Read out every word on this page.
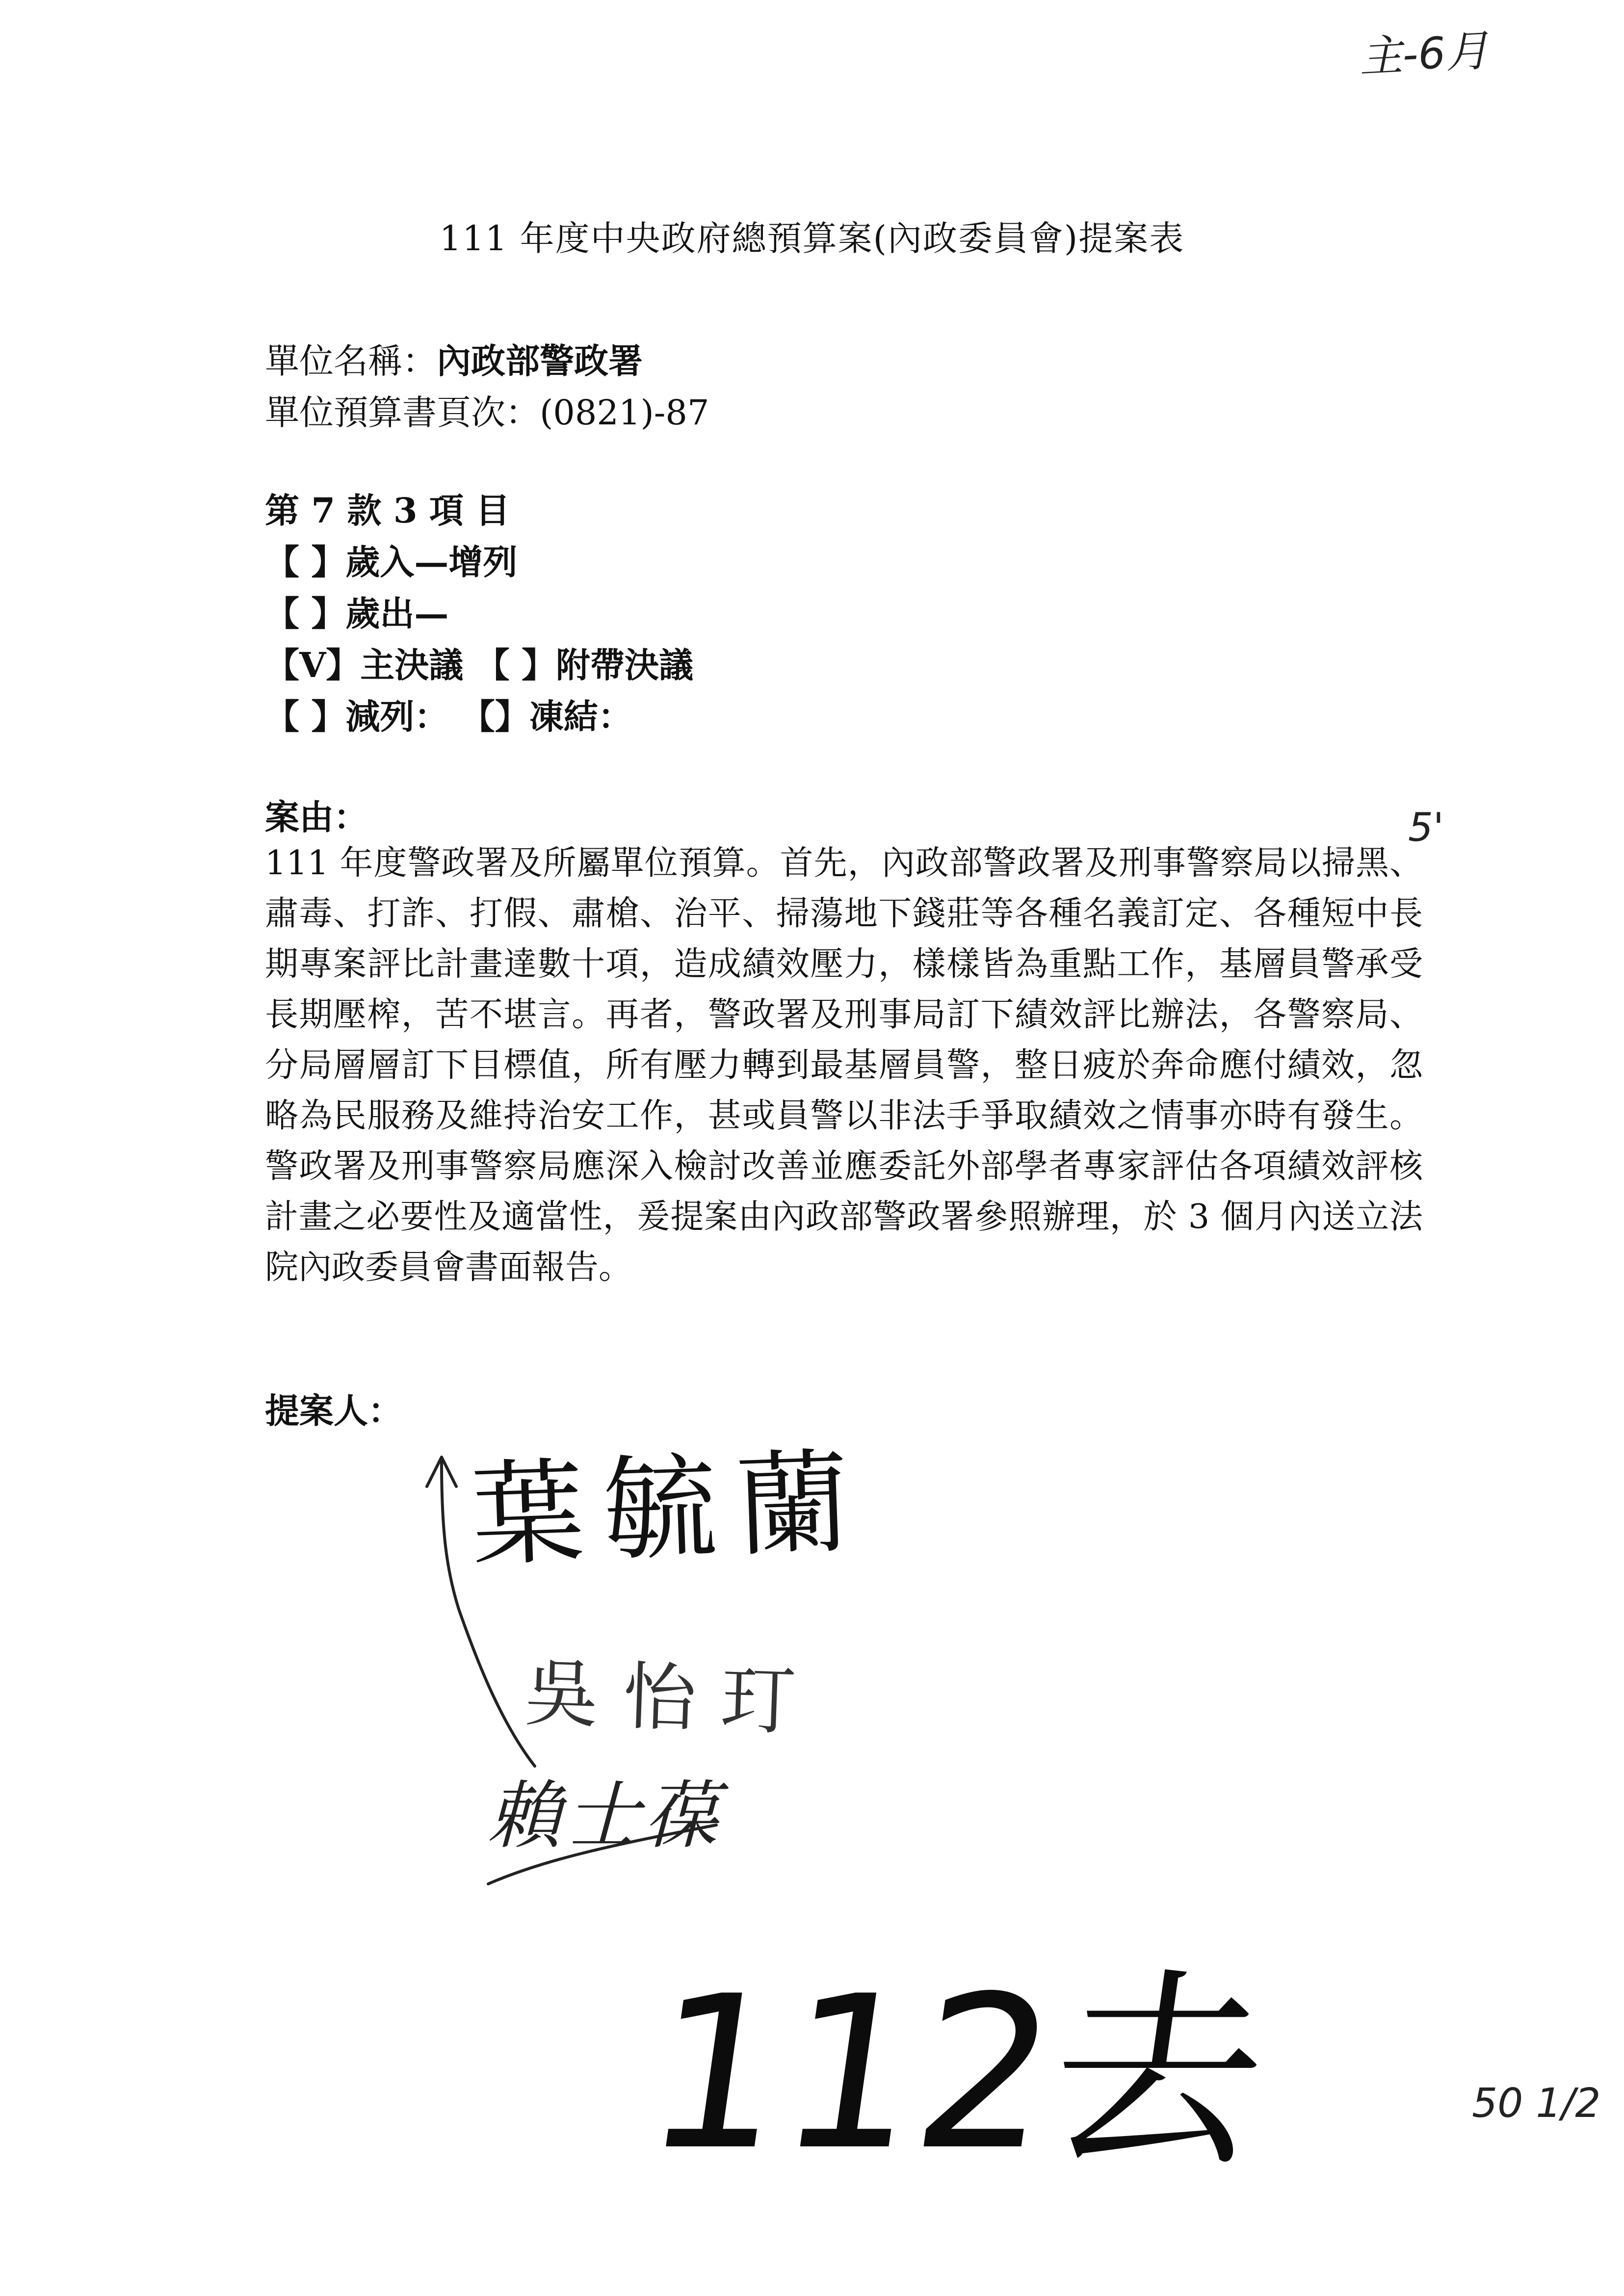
主-6月
111 年度中央政府總預算案(內政委員會)提案表
單位名稱：內政部警政署
單位預算書頁次：(0821)-87
第 7 款 3 項 目
【 】歲入—增列
【 】歲出—
【V】主決議 【 】附帶決議
【 】減列： 【】凍結：
案由：	5'
111 年度警政署及所屬單位預算。首先，內政部警政署及刑事警察局以掃黑、肅毒、打詐、打假、肅槍、治平、掃蕩地下錢莊等各種名義訂定、各種短中長期專案評比計畫達數十項，造成績效壓力，樣樣皆為重點工作，基層員警承受長期壓榨，苦不堪言。再者，警政署及刑事局訂下績效評比辦法，各警察局、分局層層訂下目標值，所有壓力轉到最基層員警，整日疲於奔命應付績效，忽略為民服務及維持治安工作，甚或員警以非法手爭取績效之情事亦時有發生。警政署及刑事警察局應深入檢討改善並應委託外部學者專家評估各項績效評核計畫之必要性及適當性，爰提案由內政部警政署參照辦理，於 3 個月內送立法院內政委員會書面報告。
提案人：
葉毓蘭
吳怡玎
賴士葆
112去	50 1/2
